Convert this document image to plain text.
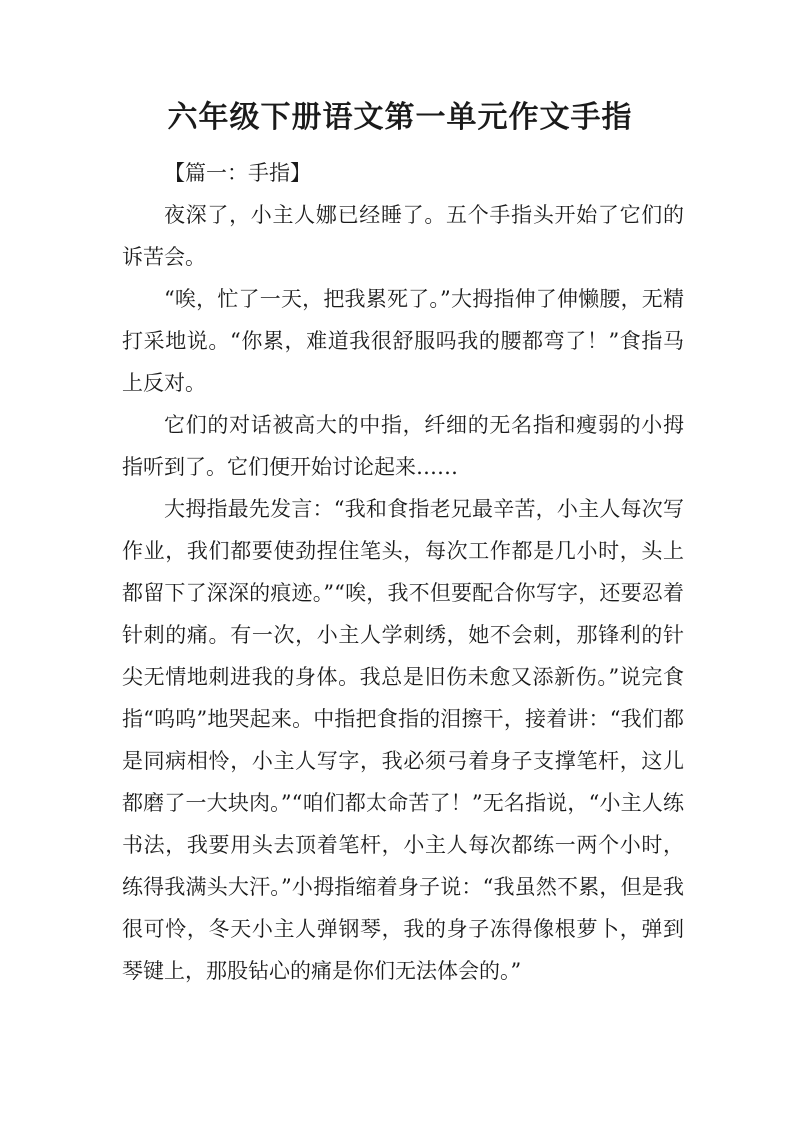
六年级下册语文第一单元作文手指

【篇一：手指】

夜深了，小主人娜已经睡了。五个手指头开始了它们的诉苦会。

“唉，忙了一天，把我累死了。”大拇指伸了伸懒腰，无精打采地说。“你累，难道我很舒服吗我的腰都弯了！”食指马上反对。

它们的对话被高大的中指，纤细的无名指和瘦弱的小拇指听到了。它们便开始讨论起来……

大拇指最先发言：“我和食指老兄最辛苦，小主人每次写作业，我们都要使劲捏住笔头，每次工作都是几小时，头上都留下了深深的痕迹。”“唉，我不但要配合你写字，还要忍着针刺的痛。有一次，小主人学刺绣，她不会刺，那锋利的针尖无情地刺进我的身体。我总是旧伤未愈又添新伤。”说完食指“呜呜”地哭起来。中指把食指的泪擦干，接着讲：“我们都是同病相怜，小主人写字，我必须弓着身子支撑笔杆，这儿都磨了一大块肉。”“咱们都太命苦了！”无名指说，“小主人练书法，我要用头去顶着笔杆，小主人每次都练一两个小时，练得我满头大汗。”小拇指缩着身子说：“我虽然不累，但是我很可怜，冬天小主人弹钢琴，我的身子冻得像根萝卜，弹到琴键上，那股钻心的痛是你们无法体会的。”
